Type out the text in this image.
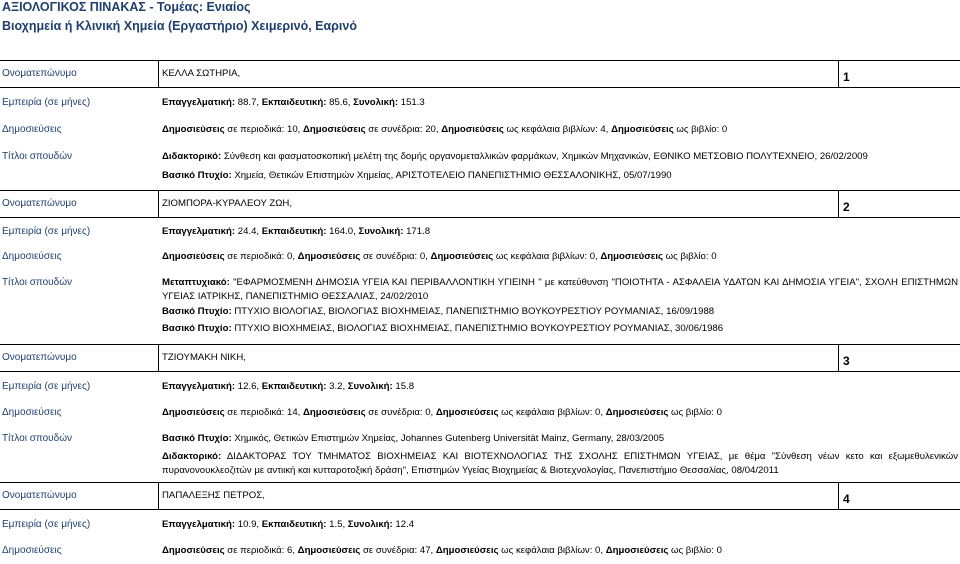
ΑΞΙΟΛΟΓΙΚΟΣ ΠΙΝΑΚΑΣ - Τομέας: Ενιαίος
Βιοχημεία ή Κλινική Χημεία (Εργαστήριο) Χειμερινό, Εαρινό
Ονοματεπώνυμο	ΚΕΛΛΑ ΣΩΤΗΡΙΑ,	1
Εμπειρία (σε μήνες)	Επαγγελματική: 88.7, Εκπαιδευτική: 85.6, Συνολική: 151.3
Δημοσιεύσεις	Δημοσιεύσεις σε περιοδικά: 10, Δημοσιεύσεις σε συνέδρια: 20, Δημοσιεύσεις ως κεφάλαια βιβλίων: 4, Δημοσιεύσεις ως βιβλίο: 0
Τίτλοι σπουδών	Διδακτορικό: Σύνθεση και φασματοσκοπική μελέτη της δομής οργανομεταλλικών φαρμάκων, Χημικών Μηχανικών, ΕΘΝΙΚΟ ΜΕΤΣΟΒΙΟ ΠΟΛΥΤΕΧΝΕΙΟ, 26/02/2009
Βασικό Πτυχίο: Χημεία, Θετικών Επιστημών Χημείας, ΑΡΙΣΤΟΤΕΛΕΙΟ ΠΑΝΕΠΙΣΤΗΜΙΟ ΘΕΣΣΑΛΟΝΙΚΗΣ, 05/07/1990
Ονοματεπώνυμο	ΖΙΟΜΠΟΡΑ-ΚΥΡΑΛΕΟΥ ΖΩΗ,	2
Εμπειρία (σε μήνες)	Επαγγελματική: 24.4, Εκπαιδευτική: 164.0, Συνολική: 171.8
Δημοσιεύσεις	Δημοσιεύσεις σε περιοδικά: 0, Δημοσιεύσεις σε συνέδρια: 0, Δημοσιεύσεις ως κεφάλαια βιβλίων: 0, Δημοσιεύσεις ως βιβλίο: 0
Τίτλοι σπουδών	Μεταπτυχιακό: "ΕΦΑΡΜΟΣΜΕΝΗ ΔΗΜΟΣΙΑ ΥΓΕΙΑ ΚΑΙ ΠΕΡΙΒΑΛΛΟΝΤΙΚΗ ΥΓΙΕΙΝΗ " με κατεύθυνση "ΠΟΙΟΤΗΤΑ - ΑΣΦΑΛΕΙΑ ΥΔΑΤΩΝ ΚΑΙ ΔΗΜΟΣΙΑ ΥΓΕΙΑ", ΣΧΟΛΗ ΕΠΙΣΤΗΜΩΝ ΥΓΕΙΑΣ ΙΑΤΡΙΚΗΣ, ΠΑΝΕΠΙΣΤΗΜΙΟ ΘΕΣΣΑΛΙΑΣ, 24/02/2010
Βασικό Πτυχίο: ΠΤΥΧΙΟ ΒΙΟΛΟΓΙΑΣ, ΒΙΟΛΟΓΙΑΣ ΒΙΟΧΗΜΕΙΑΣ, ΠΑΝΕΠΙΣΤΗΜΙΟ ΒΟΥΚΟΥΡΕΣΤΙΟΥ ΡΟΥΜΑΝΙΑΣ, 16/09/1988
Βασικό Πτυχίο: ΠΤΥΧΙΟ ΒΙΟΧΗΜΕΙΑΣ, ΒΙΟΛΟΓΙΑΣ ΒΙΟΧΗΜΕΙΑΣ, ΠΑΝΕΠΙΣΤΗΜΙΟ ΒΟΥΚΟΥΡΕΣΤΙΟΥ ΡΟΥΜΑΝΙΑΣ, 30/06/1986
Ονοματεπώνυμο	ΤΖΙΟΥΜΑΚΗ ΝΙΚΗ,	3
Εμπειρία (σε μήνες)	Επαγγελματική: 12.6, Εκπαιδευτική: 3.2, Συνολική: 15.8
Δημοσιεύσεις	Δημοσιεύσεις σε περιοδικά: 14, Δημοσιεύσεις σε συνέδρια: 0, Δημοσιεύσεις ως κεφάλαια βιβλίων: 0, Δημοσιεύσεις ως βιβλίο: 0
Τίτλοι σπουδών	Βασικό Πτυχίο: Χημικός, Θετικών Επιστημών Χημείας, Johannes Gutenberg Universität Mainz, Germany, 28/03/2005
Διδακτορικό: ΔΙΔΑΚΤΟΡΑΣ ΤΟΥ ΤΜΗΜΑΤΟΣ ΒΙΟΧΗΜΕΙΑΣ ΚΑΙ ΒΙΟΤΕΧΝΟΛΟΓΙΑΣ ΤΗΣ ΣΧΟΛΗΣ ΕΠΙΣΤΗΜΩΝ ΥΓΕΙΑΣ, με θέμα "Σύνθεση νέων κετο και εξωμεθυλενικών πυρανονουκλεοζιτών με αντιική και κυτταροτοξική δράση", Επιστημών Υγείας Βιοχημείας & Βιοτεχνολογίας, Πανεπιστήμιο Θεσσαλίας, 08/04/2011
Ονοματεπώνυμο	ΠΑΠΑΛΕΞΗΣ ΠΕΤΡΟΣ,	4
Εμπειρία (σε μήνες)	Επαγγελματική: 10.9, Εκπαιδευτική: 1.5, Συνολική: 12.4
Δημοσιεύσεις	Δημοσιεύσεις σε περιοδικά: 6, Δημοσιεύσεις σε συνέδρια: 47, Δημοσιεύσεις ως κεφάλαια βιβλίων: 0, Δημοσιεύσεις ως βιβλίο: 0
